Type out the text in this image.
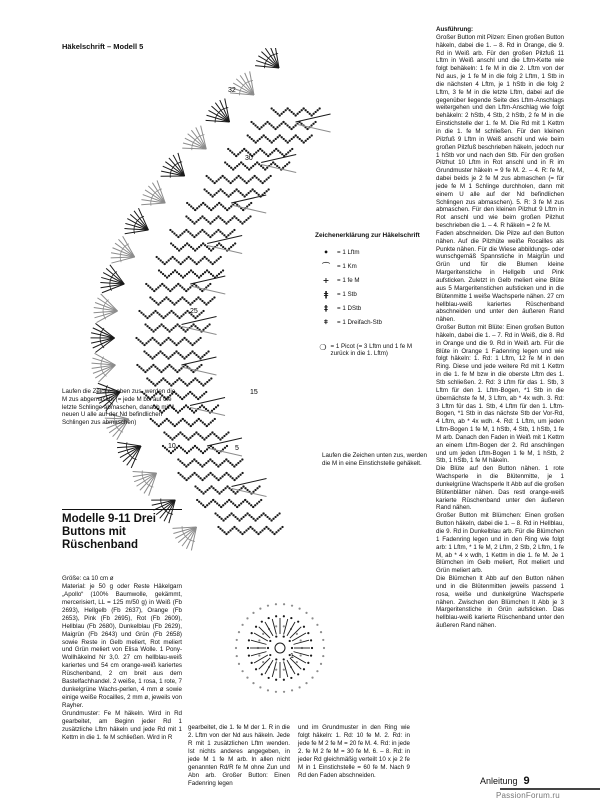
Häkelschrift – Modell 5
32
30
25
15
10	5
1
Zeichenerklärung zur Häkelschrift
•	= 1 Lftm
⌒	= 1 Km
+	= 1 fe M
ǂ	= 1 Stb
‡	= 1 DStb
⧧	= 1 Dreifach-Stb
❍ = 1 Picot (= 3 Lftm und 1 fe M zurück in die 1. Lftm)
Laufen die Zeichen oben zus, werden die M zus abgemascht (= jede M bis auf die letzte Schlinge abmaschen, danach mit 1 neuen U alle auf der Nd befindlichen Schlingen zus abmaschen)
Laufen die Zeichen unten zus, werden die M in eine Einstichstelle gehäkelt.
Modelle 9-11 Drei Buttons mit Rüschenband

Größe: ca 10 cm ø

Material: je 50 g oder Reste Häkelgarn „Apollo“ (100% Baumwolle, gekämmt, mercerisiert, LL = 125 m/50 g) in Weiß (Fb 2693), Hellgelb (Fb 2637), Orange (Fb 2653), Pink (Fb 2695), Rot (Fb 2609), Hellblau (Fb 2680), Dunkelblau (Fb 2629), Maigrün (Fb 2643) und Grün (Fb 2658) sowie Reste in Gelb meliert, Rot meliert und Grün meliert von Elisa Wolle. 1 Pony-Wollhäkelnd Nr 3,0. 27 cm hellblau-weiß kariertes und 54 cm orange-weiß kariertes Rüschenband, 2 cm breit aus dem Bastelfachhandel. 2 weiße, 1 rosa, 1 rote, 7 dunkelgrüne Wachs-perlen, 4 mm ø sowie einige weiße Rocailles, 2 mm ø, jeweils von Rayher.

Grundmuster: Fe M häkeln. Wird in Rd gearbeitet, am Beginn jeder Rd 1 zusätzliche Lftm häkeln und jede Rd mit 1 Kettm in die 1. fe M schließen. Wird in R

gearbeitet, die 1. fe M der 1. R in die 2. Lftm von der Nd aus häkeln. Jede R mit 1 zusätzlichen Lftm wenden. Ist nichts anderes angegeben, in jede M 1 fe M arb. In allen nicht genannten Rd/R fe M ohne Zun und Abn arb. Großer Button: Einen Fadenring legen

und im Grundmuster in den Ring wie folgt häkeln: 1. Rd: 10 fe M. 2. Rd: in jede fe M 2 fe M = 20 fe M. 4. Rd: in jede 2. fe M 2 fe M = 30 fe M. 6. – 8. Rd: in jeder Rd gleichmäßig verteilt 10 x je 2 fe M in 1 Einstichstelle = 60 fe M. Nach 9 Rd den Faden abschneiden.

Ausführung:

Großer Button mit Pilzen: Einen großen Button häkeln, dabei die 1. – 8. Rd in Orange, die 9. Rd in Weiß arb. Für den großen Pilzfuß 11 Lftm in Weiß anschl und die Lftm-Kette wie folgt behäkeln: 1 fe M in die 2. Lftm von der Nd aus, je 1 fe M in die folg 2 Lftm, 1 Stb in die nächsten 4 Lftm, je 1 hStb in die folg 2 Lftm, 3 fe M in die letzte Lftm, dabei auf die gegenüber liegende Seite des Lftm-Anschlags weitergehen und den Lftm-Anschlag wie folgt behäkeln: 2 hStb, 4 Stb, 2 hStb, 2 fe M in die Einstichstelle der 1. fe M. Die Rd mit 1 Kettm in die 1. fe M schließen. Für den kleinen Pilzfuß 9 Lftm in Weiß anschl und wie beim großen Pilzfuß beschrieben häkeln, jedoch nur 1 hStb vor und nach den Stb. Für den großen Pilzhut 10 Lftm in Rot anschl und in R im Grundmuster häkeln = 9 fe M. 2. – 4. R: fe M, dabei beids je 2 fe M zus abmaschen (= für jede fe M 1 Schlinge durchholen, dann mit einem U alle auf der Nd befindlichen Schlingen zus abmaschen). 5. R: 3 fe M zus abmaschen. Für den kleinen Pilzhut 9 Lftm in Rot anschl und wie beim großen Pilzhut beschrieben die 1. – 4. R häkeln = 2 fe M.

Faden abschneiden. Die Pilze auf den Button nähen. Auf die Pilzhüte weiße Rocailles als Punkte nähen. Für die Wiese abbildungs- oder wunschgemäß Spannstiche in Maigrün und Grün und für die Blumen kleine Margeritenstiche in Hellgelb und Pink aufsticken. Zuletzt in Gelb meliert eine Blüte aus 5 Margeritenstichen aufsticken und in die Blütenmitte 1 weiße Wachsperle nähen. 27 cm hellblau-weiß kariertes Rüschenband abschneiden und unter den äußeren Rand nähen.

Großer Button mit Blüte: Einen großen Button häkeln, dabei die 1. – 7. Rd in Weiß, die 8. Rd in Orange und die 9. Rd in Weiß arb. Für die Blüte in Orange 1 Fadenring legen und wie folgt häkeln: 1. Rd: 1 Lftm, 12 fe M in den Ring. Diese und jede weitere Rd mit 1 Kettm in die 1. fe M bzw in die oberste Lftm des 1. Stb schließen. 2. Rd: 3 Lftm für das 1. Stb, 3 Lftm für den 1. Lftm-Bogen, *1 Stb in die übernächste fe M, 3 Lftm, ab * 4x wdh. 3. Rd: 3 Lftm für das 1. Stb, 4 Lftm für den 1. Lftm-Bogen, *1 Stb in das nächste Stb der Vor-Rd, 4 Lftm, ab * 4x wdh. 4. Rd: 1 Lftm, um jeden Lftm-Bogen 1 fe M, 1 hStb, 4 Stb, 1 hStb, 1 fe M arb. Danach den Faden in Weiß mit 1 Kettm an einem Lftm-Bogen der 2. Rd anschlingen und um jeden Lftm-Bogen 1 fe M, 1 hStb, 2 Stb, 1 hStb, 1 fe M häkeln.

Die Blüte auf den Button nähen. 1 rote Wachsperle in die Blütenmitte, je 1 dunkelgrüne Wachsperle lt Abb auf die großen Blütenblätter nähen. Das restl orange-weiß karierte Rüschenband unter den äußeren Rand nähen.

Großer Button mit Blümchen: Einen großen Button häkeln, dabei die 1. – 8. Rd in Hellblau, die 9. Rd in Dunkelblau arb. Für die Blümchen 1 Fadenring legen und in den Ring wie folgt arb: 1 Lftm, * 1 fe M, 2 Lftm, 2 Stb, 2 Lftm, 1 fe M, ab * 4 x wdh, 1 Kettm in die 1. fe M. Je 1 Blümchen im Gelb meliert, Rot meliert und Grün meliert arb.

Die Blümchen lt Abb auf den Button nähen und in die Blütenmitten jeweils passend 1 rosa, weiße und dunkelgrüne Wachsperle nähen. Zwischen den Blümchen lt Abb je 3 Margeritenstiche in Grün aufsticken. Das hellblau-weiß karierte Rüschenband unter den äußeren Rand nähen.

Anleitung 9
PassionForum.ru
